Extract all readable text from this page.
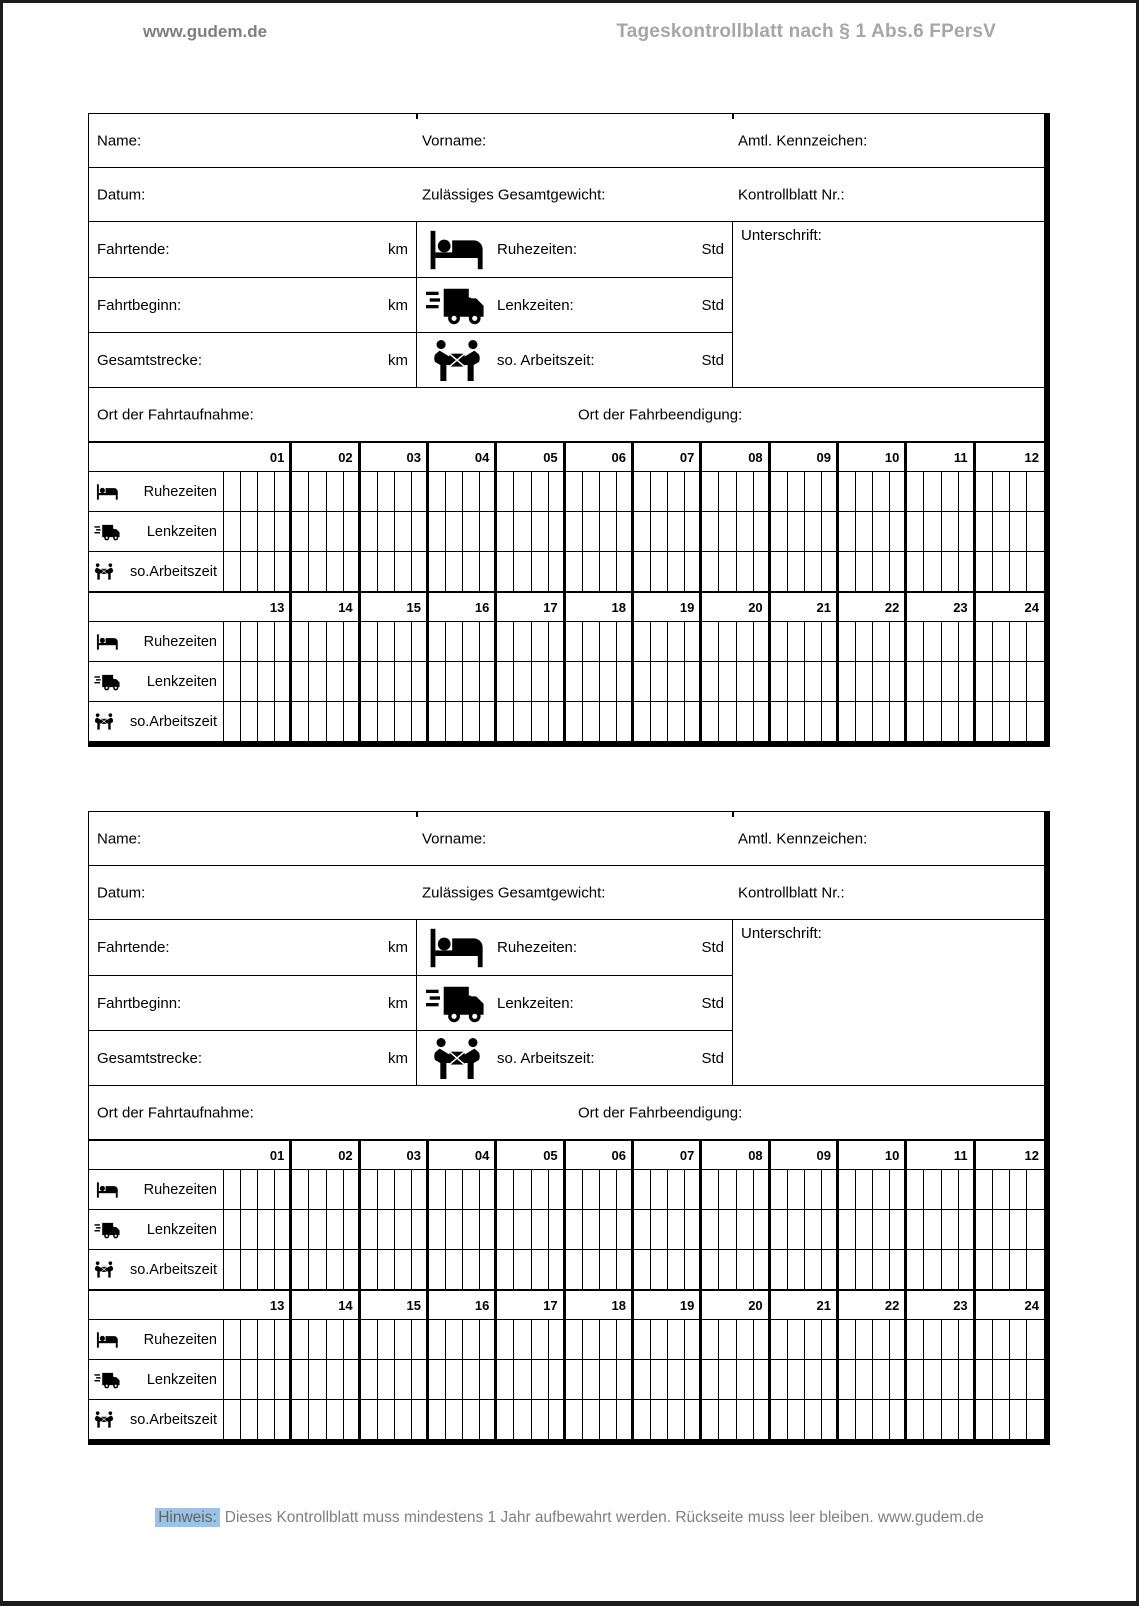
www.gudem.de	Tageskontrollblatt nach § 1 Abs.6 FPersV
Name:	Vorname:	Amtl. Kennzeichen:
Datum:	Zulässiges Gesamtgewicht:	Kontrollblatt Nr.:
Fahrtende:	km	Ruhezeiten:	Std
Fahrtbeginn:	km	Lenkzeiten:	Std
Gesamtstrecke:	km	so. Arbeitszeit:	Std
Unterschrift:
Ort der Fahrtaufnahme:	Ort der Fahrbeendigung:
01	02	03	04	05	06	07	08	09	10	11	12
Ruhezeiten
Lenkzeiten
so.Arbeitszeit
13	14	15	16	17	18	19	20	21	22	23	24
Ruhezeiten
Lenkzeiten
so.Arbeitszeit
Name:	Vorname:	Amtl. Kennzeichen:
Datum:	Zulässiges Gesamtgewicht:	Kontrollblatt Nr.:
Fahrtende:	km	Ruhezeiten:	Std
Fahrtbeginn:	km	Lenkzeiten:	Std
Gesamtstrecke:	km	so. Arbeitszeit:	Std
Unterschrift:
Ort der Fahrtaufnahme:	Ort der Fahrbeendigung:
01	02	03	04	05	06	07	08	09	10	11	12
Ruhezeiten
Lenkzeiten
so.Arbeitszeit
13	14	15	16	17	18	19	20	21	22	23	24
Ruhezeiten
Lenkzeiten
so.Arbeitszeit
Hinweis: Dieses Kontrollblatt muss mindestens 1 Jahr aufbewahrt werden. Rückseite muss leer bleiben. www.gudem.de
